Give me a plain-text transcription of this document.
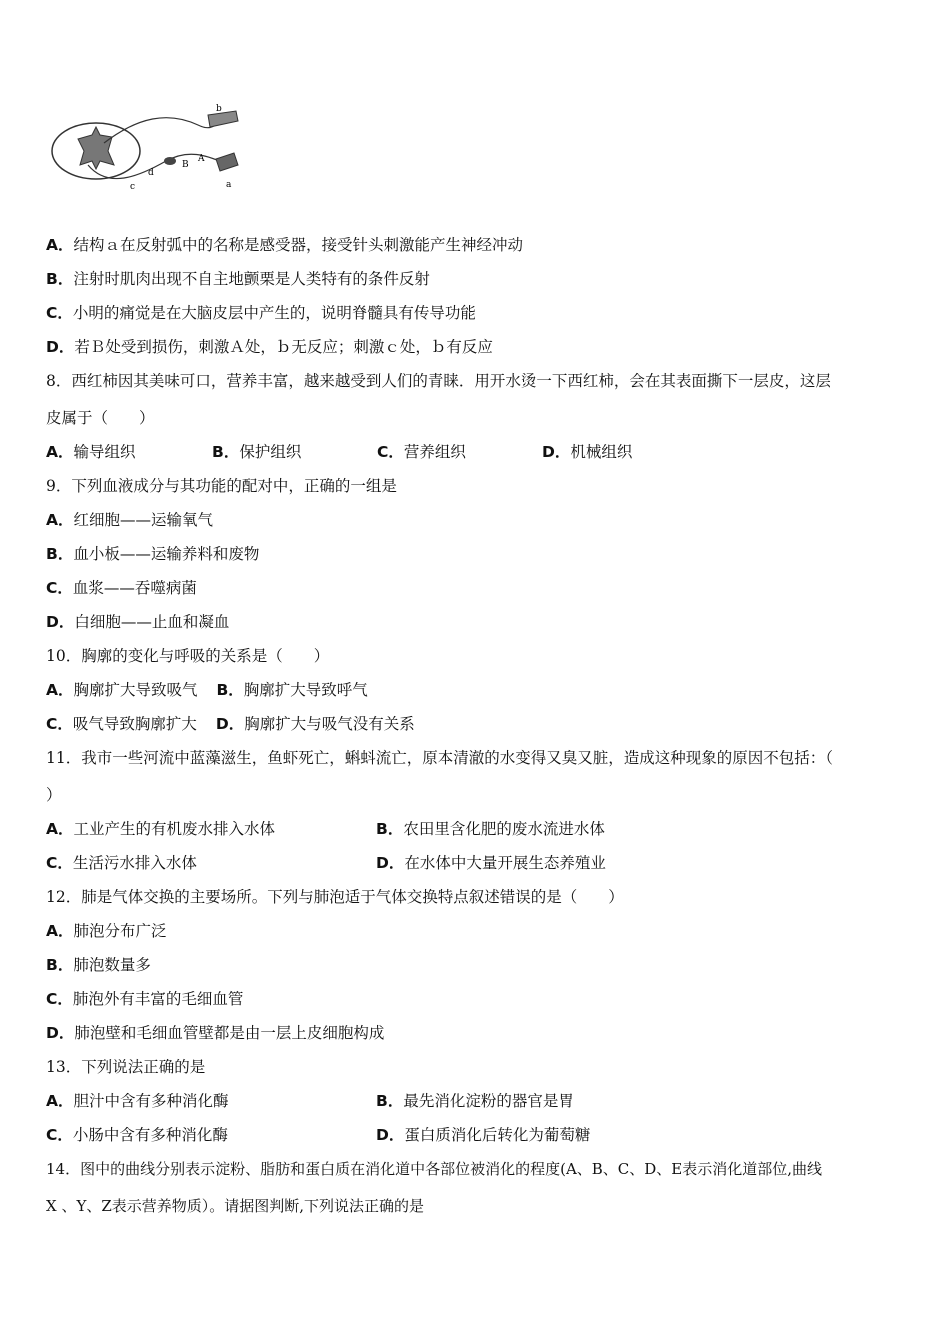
b
a
c
d
B
A
A．结构ａ在反射弧中的名称是感受器，接受针头刺激能产生神经冲动
B．注射时肌肉出现不自主地颤栗是人类特有的条件反射
C．小明的痛觉是在大脑皮层中产生的，说明脊髓具有传导功能
D．若Ｂ处受到损伤，刺激Ａ处，ｂ无反应；刺激ｃ处，ｂ有反应
8．西红柿因其美味可口，营养丰富，越来越受到人们的青睐．用开水烫一下西红柿，会在其表面撕下一层皮，这层
皮属于（　　）
A．输导组织	B．保护组织	C．营养组织	D．机械组织
9．下列血液成分与其功能的配对中，正确的一组是
A．红细胞——运输氧气
B．血小板——运输养料和废物
C．血浆——吞噬病菌
D．白细胞——止血和凝血
10．胸廓的变化与呼吸的关系是（　　）
A．胸廓扩大导致吸气 B．胸廓扩大导致呼气
C．吸气导致胸廓扩大 D．胸廓扩大与吸气没有关系
11．我市一些河流中蓝藻滋生，鱼虾死亡，蝌蚪流亡，原本清澈的水变得又臭又脏，造成这种现象的原因不包括：（
）
A．工业产生的有机废水排入水体	B．农田里含化肥的废水流进水体
C．生活污水排入水体	D．在水体中大量开展生态养殖业
12．肺是气体交换的主要场所。下列与肺泡适于气体交换特点叙述错误的是（　　）
A．肺泡分布广泛
B．肺泡数量多
C．肺泡外有丰富的毛细血管
D．肺泡壁和毛细血管壁都是由一层上皮细胞构成
13．下列说法正确的是
A．胆汁中含有多种消化酶	B．最先消化淀粉的器官是胃
C．小肠中含有多种消化酶	D．蛋白质消化后转化为葡萄糖
14．图中的曲线分别表示淀粉、脂肪和蛋白质在消化道中各部位被消化的程度(A、B、C、D、E表示消化道部位,曲线
X 、Y、Z表示营养物质）。请据图判断,下列说法正确的是
